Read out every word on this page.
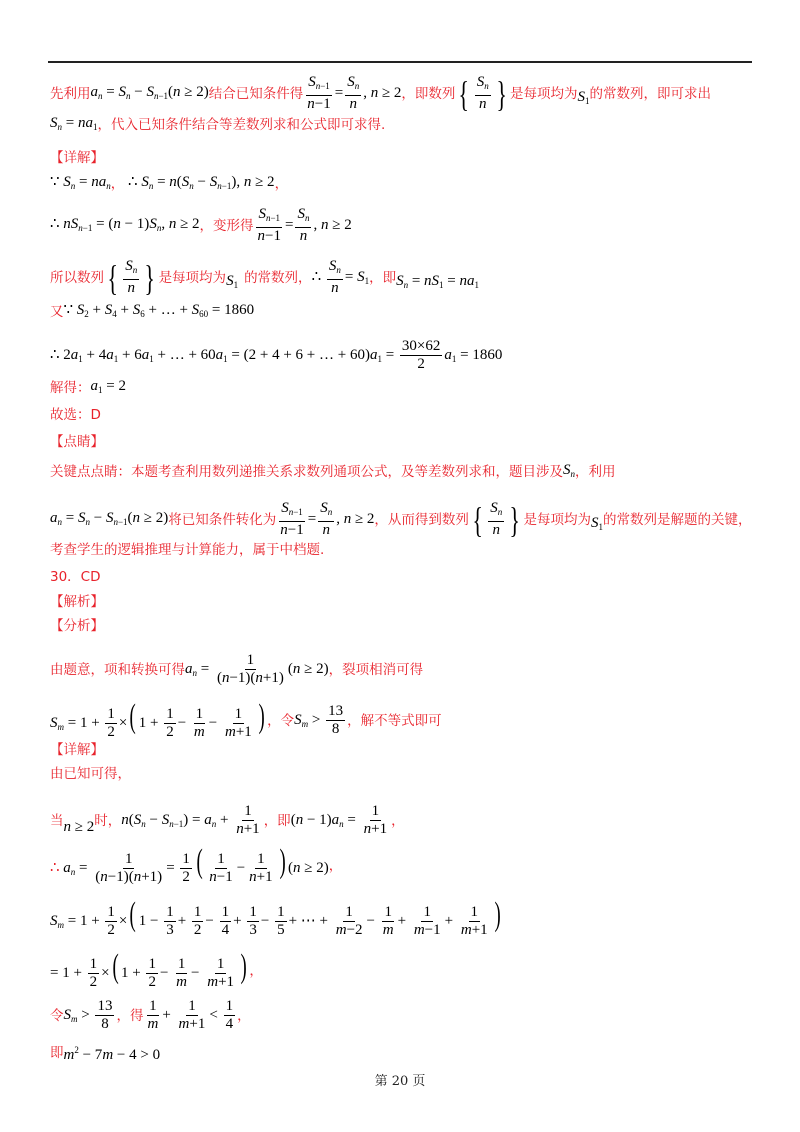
先利用 $a_n = S_n - S_{n-1}(n \ge 2)$ 结合已知条件得 $\frac{S_{n-1}}{n-1} = \frac{S_n}{n}$ , n ≥ 2 ，即数列 { $\frac{S_n}{n}$ } 是每项均为 $S_1$ 的常数列，即可求出
$S_n = na_1$ ，代入已知条件结合等差数列求和公式即可求得.
【详解】
∵ $S_n = na_n$ ， ∴ $S_n = n(S_n - S_{n-1})$, n ≥ 2 ，
∴ $nS_{n-1} = (n - 1)S_n$, n ≥ 2 ， 变形得 $\frac{S_{n-1}}{n-1} = \frac{S_n}{n}$ , n ≥ 2
所以数列 { $\frac{S_n}{n}$ } 是每项均为 $S_1$ 的常数列， ∴ $\frac{S_n}{n} = S_1$ ，即 $S_n = nS_1 = na_1$
又 ∵ $S_2 + S_4 + S_6$ + … + $S_{60} = 1860$
∴ $2a_1 + 4a_1 + 6a_1$ + … + $60a_1 = (2 + 4 + 6$ + … + $60)a_1 = \frac{30\times 62}{2} a_1 = 1860$
解得： $a_1 = 2$
故选：D
【点睛】
关键点点睛：本题考查利用数列递推关系求数列通项公式，及等差数列求和，题目涉及 $S_n$ ，利用
$a_n = S_n - S_{n-1}(n \ge 2)$ 将已知条件转化为 $\frac{S_{n-1}}{n-1} = \frac{S_n}{n}$ , n ≥ 2 ，从而得到数列 { $\frac{S_n}{n}$ } 是每项均为 $S_1$ 的常数列是解题的关键，
考查学生的逻辑推理与计算能力，属于中档题.
30．CD
【解析】
【分析】
由题意，项和转换可得 $a_n = \frac{1}{(n-1)(n+1)} (n \ge 2)$ ，裂项相消可得
$S_m = 1 + \frac{1}{2}$ ×( $1 + \frac{1}{2} - \frac{1}{m} - \frac{1}{m+1}$ ) ，令 $S_m > \frac{13}{8}$ ，解不等式即可
【详解】
由已知可得，
当 n ≥ 2 时， $n(S_n - S_{n-1}) = a_n + \frac{1}{n+1}$ ，即 $(n - 1)a_n = \frac{1}{n+1}$ ，
∴ $a_n = \frac{1}{(n-1)(n+1)} = \frac{1}{2}$ ( $\frac{1}{n-1} - \frac{1}{n+1}$ ) (n ≥ 2) ，
$S_m = 1 + \frac{1}{2}$ ×( $1 - \frac{1}{3} + \frac{1}{2} - \frac{1}{4} + \frac{1}{3} - \frac{1}{5}$ + ⋯ + $\frac{1}{m-2} - \frac{1}{m} + \frac{1}{m-1} + \frac{1}{m+1}$ )
= $1 + \frac{1}{2}$ ×( $1 + \frac{1}{2} - \frac{1}{m} - \frac{1}{m+1}$ ) ，
令 $S_m > \frac{13}{8}$ ，得 $\frac{1}{m} + \frac{1}{m+1} < \frac{1}{4}$ ，
即 $m^2 - 7m - 4 > 0$
第 20 页
